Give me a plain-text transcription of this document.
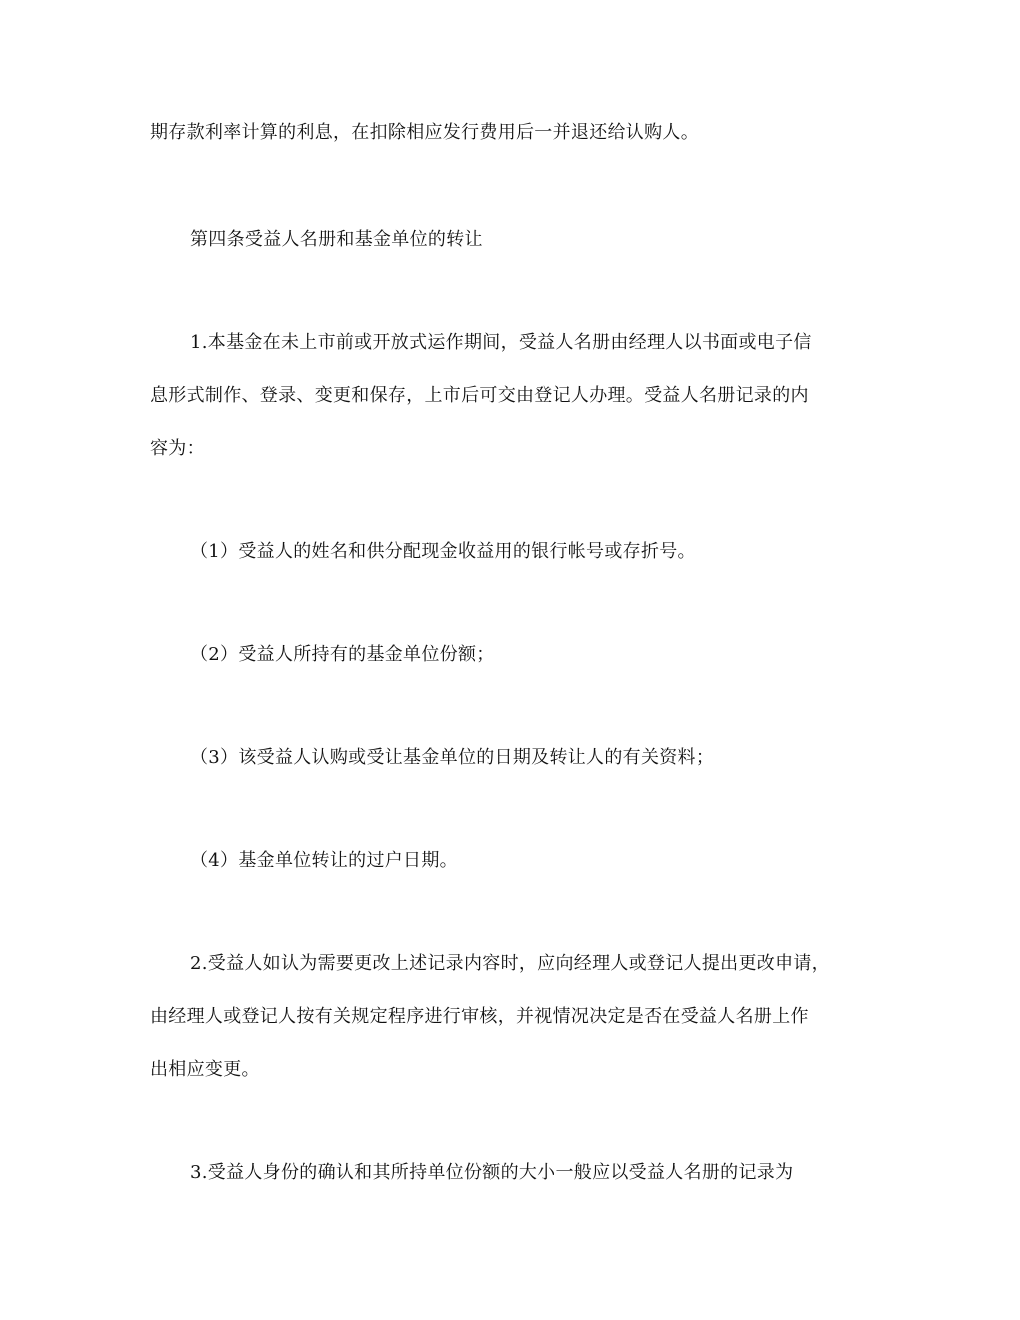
期存款利率计算的利息，在扣除相应发行费用后一并退还给认购人。
第四条受益人名册和基金单位的转让
1.本基金在未上市前或开放式运作期间，受益人名册由经理人以书面或电子信
息形式制作、登录、变更和保存，上市后可交由登记人办理。受益人名册记录的内
容为：
（1）受益人的姓名和供分配现金收益用的银行帐号或存折号。
（2）受益人所持有的基金单位份额；
（3）该受益人认购或受让基金单位的日期及转让人的有关资料；
（4）基金单位转让的过户日期。
2.受益人如认为需要更改上述记录内容时，应向经理人或登记人提出更改申请，
由经理人或登记人按有关规定程序进行审核，并视情况决定是否在受益人名册上作
出相应变更。
3.受益人身份的确认和其所持单位份额的大小一般应以受益人名册的记录为
